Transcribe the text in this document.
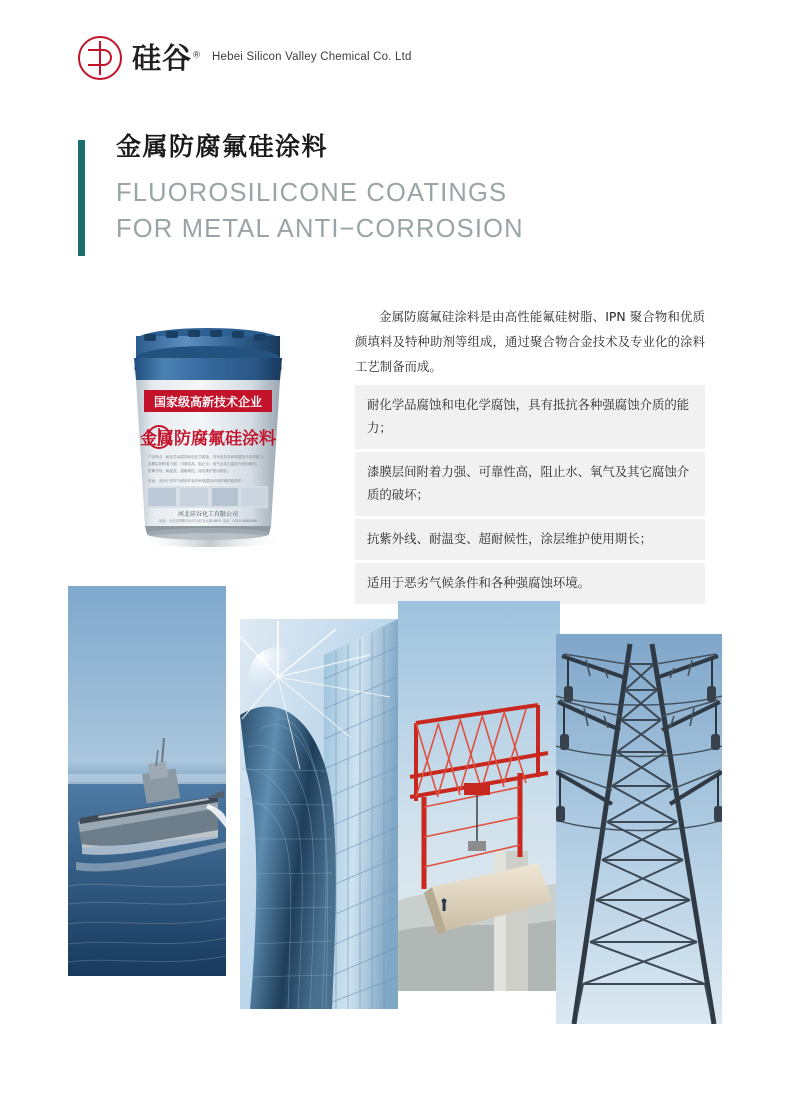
硅谷® Hebei Silicon Valley Chemical Co. Ltd
金属防腐氟硅涂料
FLUOROSILICONE COATINGS
FOR METAL ANTI−CORROSION
国家级高新技术企业
金属防腐氟硅涂料
产品特点：耐化学品腐蚀和电化学腐蚀，具有抵抗各种强腐蚀介质的能力；
漆膜层间附着力强、可靠性高，阻止水、氧气及其它腐蚀介质的破坏；
抗紫外线、耐温变、超耐候性，涂层维护使用期长。
用途：适用于恶劣气候条件和各种强腐蚀环境的钢结构防护。
河北硅谷化工有限公司
地址：河北省邯郸市永年区硅谷大街168号 电话：0310-8888888
金属防腐氟硅涂料是由高性能氟硅树脂、IPN 聚合物和优质颜填料及特种助剂等组成，通过聚合物合金技术及专业化的涂料工艺制备而成。
耐化学品腐蚀和电化学腐蚀，具有抵抗各种强腐蚀介质的能力；
漆膜层间附着力强、可靠性高，阻止水、氧气及其它腐蚀介质的破坏；
抗紫外线、耐温变、超耐候性，涂层维护使用期长；
适用于恶劣气候条件和各种强腐蚀环境。
